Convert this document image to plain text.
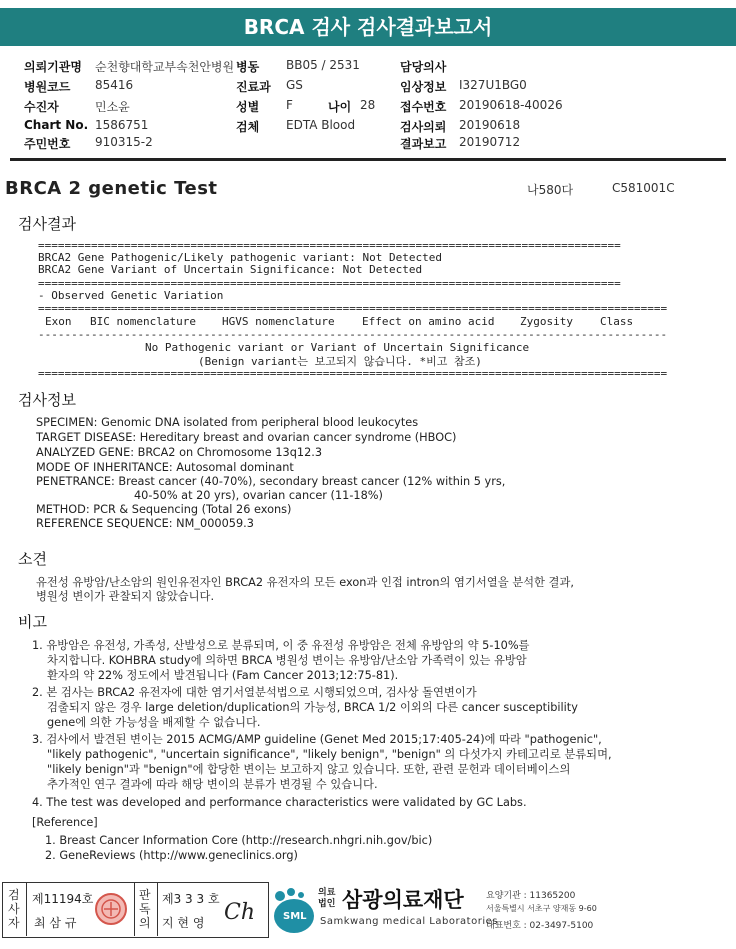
BRCA 검사 검사결과보고서
의뢰기관명 순천향대학교부속천안병원
병원코드 85416
수진자	민소윤
Chart No. 1586751
주민번호 910315-2
병동 BB05 / 2531
진료과 GS
성별 F	나이 28
검체 EDTA Blood
담당의사
임상정보 I327U1BG0
접수번호 20190618-40026
검사의뢰 20190618
결과보고 20190712
BRCA 2 genetic Test	나580다	C581001C
검사결과
========================================================================================
BRCA2 Gene Pathogenic/Likely pathogenic variant: Not Detected
BRCA2 Gene Variant of Uncertain Significance: Not Detected
========================================================================================
- Observed Genetic Variation
===============================================================================================
Exon BIC nomenclature HGVS nomenclature Effect on amino acid Zygosity Class
-----------------------------------------------------------------------------------------------
No Pathogenic variant or Variant of Uncertain Significance
(Benign variant는 보고되지 않습니다. *비고 참조)
===============================================================================================
검사정보
SPECIMEN: Genomic DNA isolated from peripheral blood leukocytes
TARGET DISEASE: Hereditary breast and ovarian cancer syndrome (HBOC)
ANALYZED GENE: BRCA2 on Chromosome 13q12.3
MODE OF INHERITANCE: Autosomal dominant
PENETRANCE: Breast cancer (40-70%), secondary breast cancer (12% within 5 yrs,
40-50% at 20 yrs), ovarian cancer (11-18%)
METHOD: PCR & Sequencing (Total 26 exons)
REFERENCE SEQUENCE: NM_000059.3
소견
유전성 유방암/난소암의 원인유전자인 BRCA2 유전자의 모든 exon과 인접 intron의 염기서열을 분석한 결과,
병원성 변이가 관찰되지 않았습니다.
비고
1. 유방암은 유전성, 가족성, 산발성으로 분류되며, 이 중 유전성 유방암은 전체 유방암의 약 5-10%를
차지합니다. KOHBRA study에 의하면 BRCA 병원성 변이는 유방암/난소암 가족력이 있는 유방암
환자의 약 22% 정도에서 발견됩니다 (Fam Cancer 2013;12:75-81).
2. 본 검사는 BRCA2 유전자에 대한 염기서열분석법으로 시행되었으며, 검사상 돌연변이가
검출되지 않은 경우 large deletion/duplication의 가능성, BRCA 1/2 이외의 다른 cancer susceptibility
gene에 의한 가능성을 배제할 수 없습니다.
3. 검사에서 발견된 변이는 2015 ACMG/AMP guideline (Genet Med 2015;17:405-24)에 따라 "pathogenic",
"likely pathogenic", "uncertain significance", "likely benign", "benign" 의 다섯가지 카테고리로 분류되며,
"likely benign"과 "benign"에 합당한 변이는 보고하지 않고 있습니다. 또한, 관련 문헌과 데이터베이스의
추가적인 연구 결과에 따라 해당 변이의 분류가 변경될 수 있습니다.
4. The test was developed and performance characteristics were validated by GC Labs.
[Reference]
1. Breast Cancer Information Core (http://research.nhgri.nih.gov/bic)
2. GeneReviews (http://www.geneclinics.org)
검사자
제11194호
최 삼 규
판독의
제3 3 3 호
지 현 영 Ch	SML
의료
법인 삼광의료재단
Samkwang medical Laboratories
요양기관 : 11365200
서울특별시 서초구 양재동 9-60
대표번호 : 02-3497-5100
